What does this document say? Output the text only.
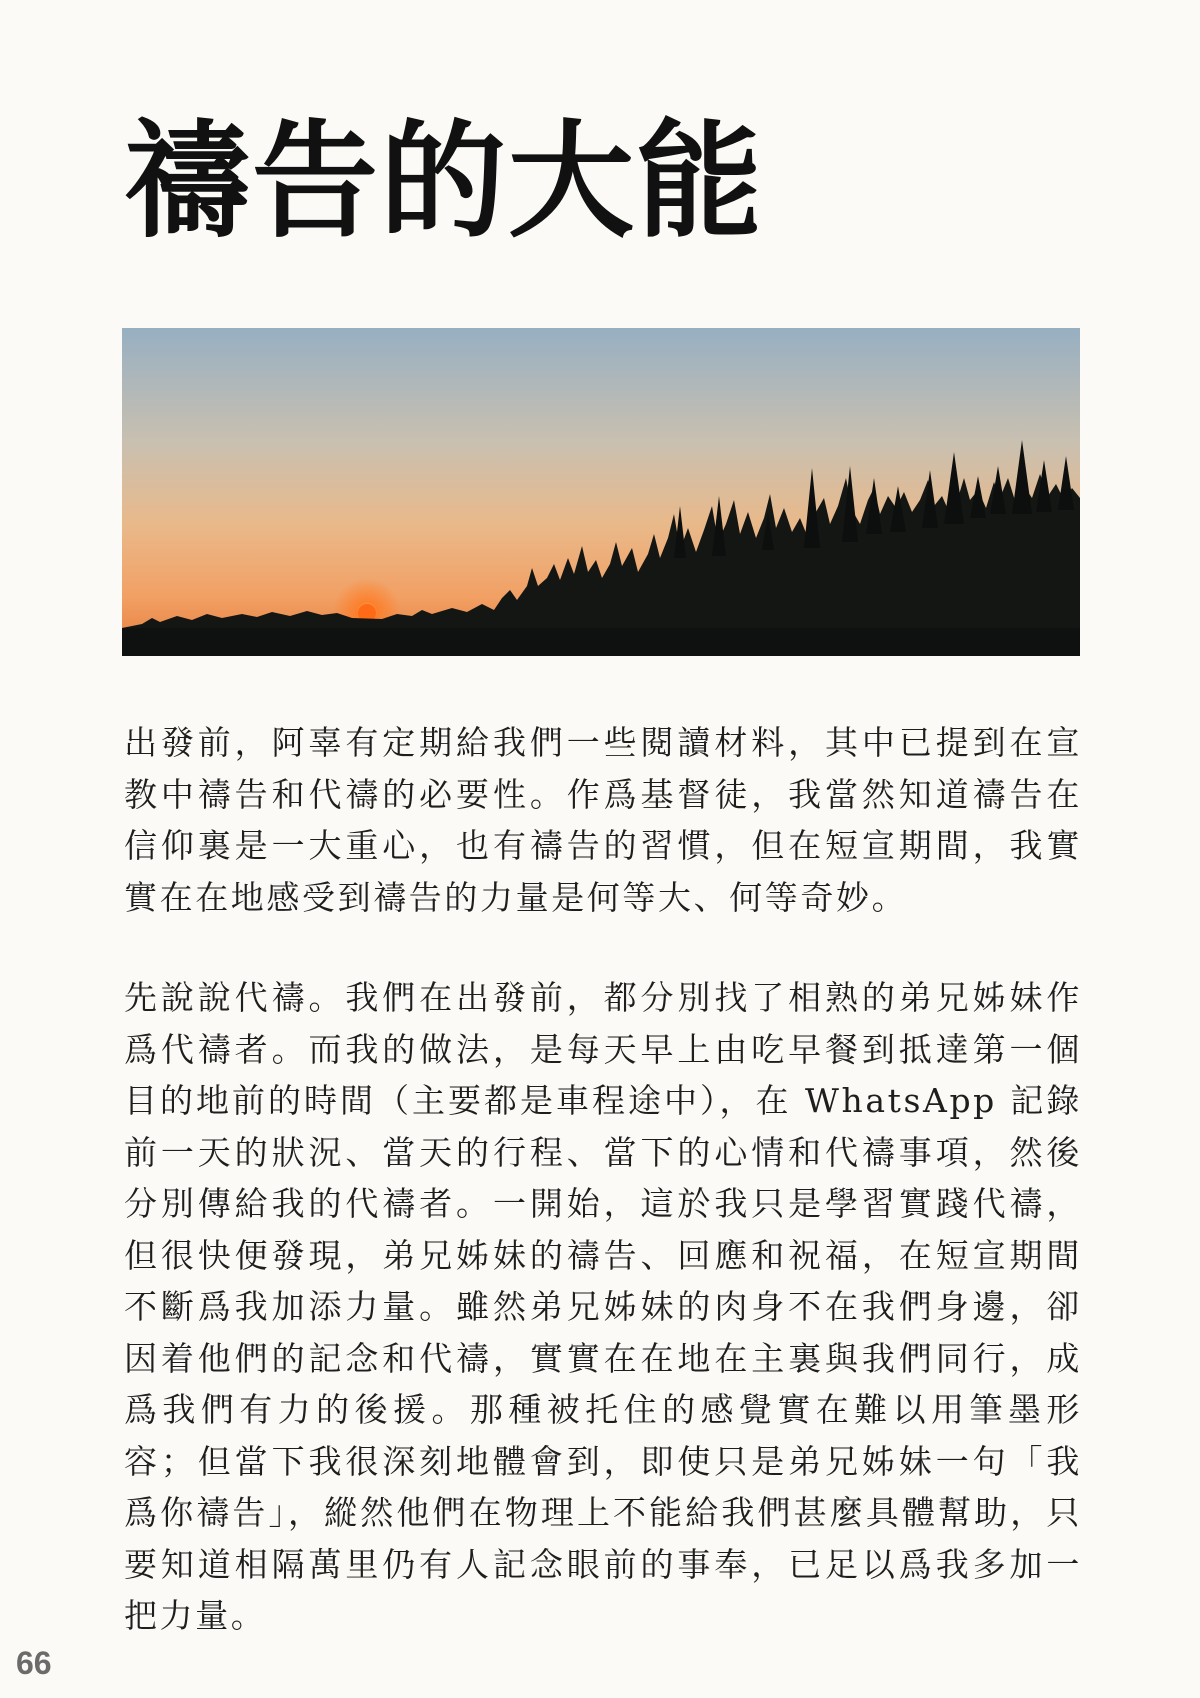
禱告的大能

出發前，阿辜有定期給我們一些閱讀材料，其中已提到在宣教中禱告和代禱的必要性。作爲基督徒，我當然知道禱告在信仰裏是一大重心，也有禱告的習慣，但在短宣期間，我實實在在地感受到禱告的力量是何等大、何等奇妙。

先說說代禱。我們在出發前，都分別找了相熟的弟兄姊妹作爲代禱者。而我的做法，是每天早上由吃早餐到抵達第一個目的地前的時間（主要都是車程途中），在 WhatsApp 記錄前一天的狀況、當天的行程、當下的心情和代禱事項，然後分別傳給我的代禱者。一開始，這於我只是學習實踐代禱，但很快便發現，弟兄姊妹的禱告、回應和祝福，在短宣期間不斷爲我加添力量。雖然弟兄姊妹的肉身不在我們身邊，卻因着他們的記念和代禱，實實在在地在主裏與我們同行，成爲我們有力的後援。那種被托住的感覺實在難以用筆墨形容；但當下我很深刻地體會到，即使只是弟兄姊妹一句「我爲你禱告」，縱然他們在物理上不能給我們甚麼具體幫助，只要知道相隔萬里仍有人記念眼前的事奉，已足以爲我多加一把力量。

66
